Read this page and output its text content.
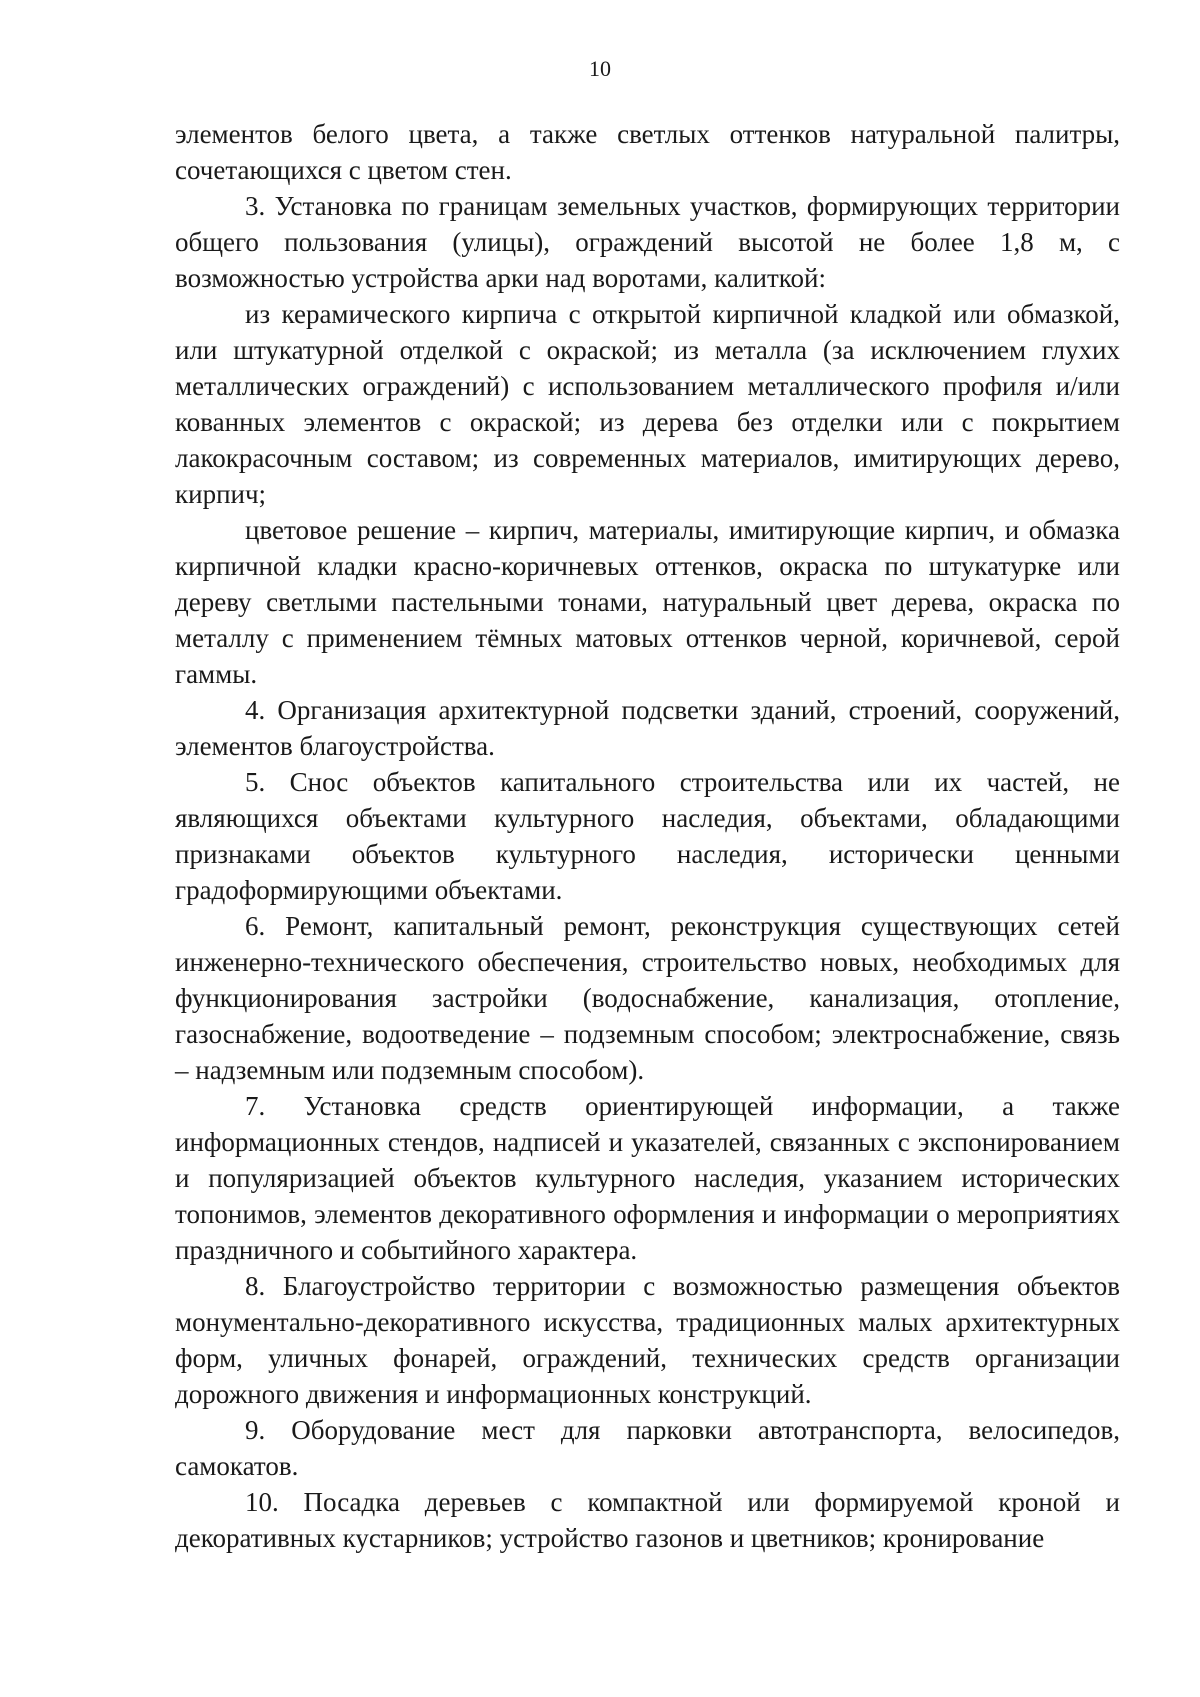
10

элементов белого цвета, а также светлых оттенков натуральной палитры, сочетающихся с цветом стен.

3. Установка по границам земельных участков, формирующих территории общего пользования (улицы), ограждений высотой не более 1,8 м, с возможностью устройства арки над воротами, калиткой:

из керамического кирпича с открытой кирпичной кладкой или обмазкой, или штукатурной отделкой с окраской; из металла (за исключением глухих металлических ограждений) с использованием металлического профиля и/или кованных элементов с окраской; из дерева без отделки или с покрытием лакокрасочным составом; из современных материалов, имитирующих дерево, кирпич;

цветовое решение – кирпич, материалы, имитирующие кирпич, и обмазка кирпичной кладки красно-коричневых оттенков, окраска по штукатурке или дереву светлыми пастельными тонами, натуральный цвет дерева, окраска по металлу с применением тёмных матовых оттенков черной, коричневой, серой гаммы.

4. Организация архитектурной подсветки зданий, строений, сооружений, элементов благоустройства.

5. Снос объектов капитального строительства или их частей, не являющихся объектами культурного наследия, объектами, обладающими признаками объектов культурного наследия, исторически ценными градоформирующими объектами.

6. Ремонт, капитальный ремонт, реконструкция существующих сетей инженерно-технического обеспечения, строительство новых, необходимых для функционирования застройки (водоснабжение, канализация, отопление, газоснабжение, водоотведение – подземным способом; электроснабжение, связь – надземным или подземным способом).

7. Установка средств ориентирующей информации, а также информационных стендов, надписей и указателей, связанных с экспонированием и популяризацией объектов культурного наследия, указанием исторических топонимов, элементов декоративного оформления и информации о мероприятиях праздничного и событийного характера.

8. Благоустройство территории с возможностью размещения объектов монументально-декоративного искусства, традиционных малых архитектурных форм, уличных фонарей, ограждений, технических средств организации дорожного движения и информационных конструкций.

9. Оборудование мест для парковки автотранспорта, велосипедов, самокатов.

10. Посадка деревьев с компактной или формируемой кроной и декоративных кустарников; устройство газонов и цветников; кронирование
